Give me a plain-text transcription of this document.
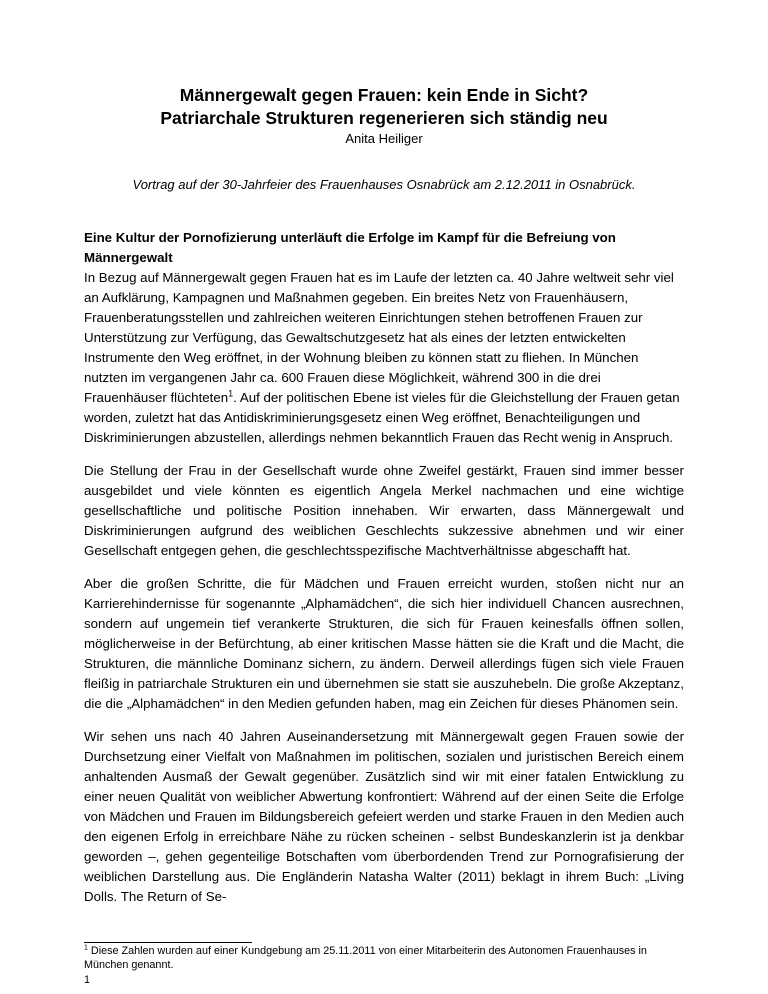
Männergewalt gegen Frauen: kein Ende in Sicht?
Patriarchale Strukturen regenerieren sich ständig neu

Anita Heiliger

Vortrag auf der 30-Jahrfeier des Frauenhauses Osnabrück am 2.12.2011 in Osnabrück.

Eine Kultur der Pornofizierung unterläuft die Erfolge im Kampf für die Befreiung von Männergewalt

In Bezug auf Männergewalt gegen Frauen hat es im Laufe der letzten ca. 40 Jahre weltweit sehr viel an Aufklärung, Kampagnen und Maßnahmen gegeben. Ein breites Netz von Frauenhäusern, Frauenberatungsstellen und zahlreichen weiteren Einrichtungen stehen betroffenen Frauen zur Unterstützung zur Verfügung, das Gewaltschutzgesetz hat als eines der letzten entwickelten Instrumente den Weg eröffnet, in der Wohnung bleiben zu können statt zu fliehen. In München nutzten im vergangenen Jahr ca. 600 Frauen diese Möglichkeit, während 300 in die drei Frauenhäuser flüchteten$^1$. Auf der politischen Ebene ist vieles für die Gleichstellung der Frauen getan worden, zuletzt hat das Antidiskriminierungsgesetz einen Weg eröffnet, Benachteiligungen und Diskriminierungen abzustellen, allerdings nehmen bekanntlich Frauen das Recht wenig in Anspruch.

Die Stellung der Frau in der Gesellschaft wurde ohne Zweifel gestärkt, Frauen sind immer besser ausgebildet und viele könnten es eigentlich Angela Merkel nachmachen und eine wichtige gesellschaftliche und politische Position innehaben. Wir erwarten, dass Männergewalt und Diskriminierungen aufgrund des weiblichen Geschlechts sukzessive abnehmen und wir einer Gesellschaft entgegen gehen, die geschlechtsspezifische Machtverhältnisse abgeschafft hat.

Aber die großen Schritte, die für Mädchen und Frauen erreicht wurden, stoßen nicht nur an Karrierehindernisse für sogenannte „Alphamädchen“, die sich hier individuell Chancen ausrechnen, sondern auf ungemein tief verankerte Strukturen, die sich für Frauen keinesfalls öffnen sollen, möglicherweise in der Befürchtung, ab einer kritischen Masse hätten sie die Kraft und die Macht, die Strukturen, die männliche Dominanz sichern, zu ändern. Derweil allerdings fügen sich viele Frauen fleißig in patriarchale Strukturen ein und übernehmen sie statt sie auszuhebeln. Die große Akzeptanz, die die „Alphamädchen“ in den Medien gefunden haben, mag ein Zeichen für dieses Phänomen sein.

Wir sehen uns nach 40 Jahren Auseinandersetzung mit Männergewalt gegen Frauen sowie der Durchsetzung einer Vielfalt von Maßnahmen im politischen, sozialen und juristischen Bereich einem anhaltenden Ausmaß der Gewalt gegenüber. Zusätzlich sind wir mit einer fatalen Entwicklung zu einer neuen Qualität von weiblicher Abwertung konfrontiert: Während auf der einen Seite die Erfolge von Mädchen und Frauen im Bildungsbereich gefeiert werden und starke Frauen in den Medien auch den eigenen Erfolg in erreichbare Nähe zu rücken scheinen - selbst Bundeskanzlerin ist ja denkbar geworden –, gehen gegenteilige Botschaften vom überbordenden Trend zur Pornografisierung der weiblichen Darstellung aus. Die Engländerin Natasha Walter (2011) beklagt in ihrem Buch: „Living Dolls. The Return of Se-

$^1$ Diese Zahlen wurden auf einer Kundgebung am 25.11.2011 von einer Mitarbeiterin des Autonomen Frauenhauses in München genannt.

1
